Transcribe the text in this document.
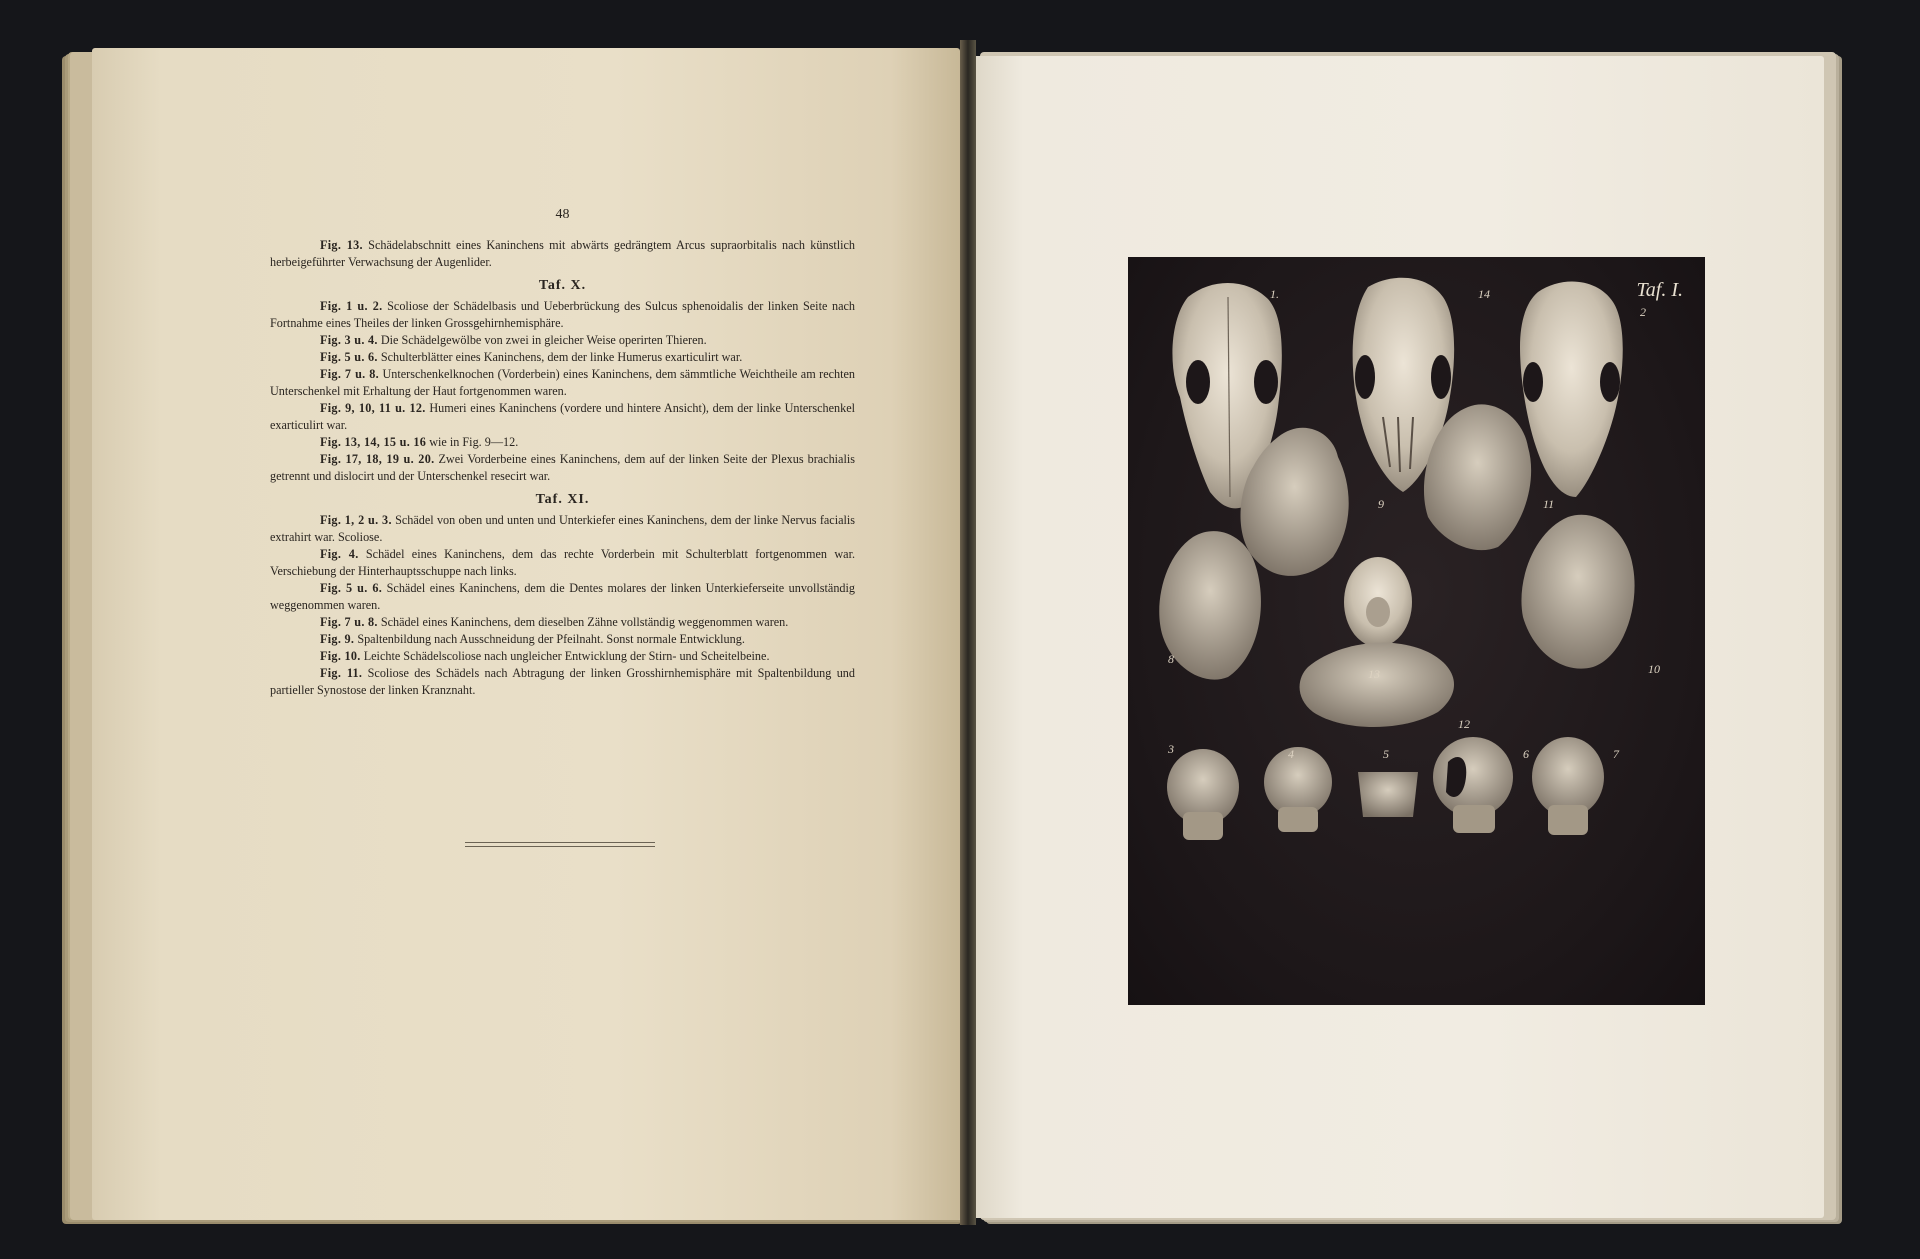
48

Fig. 13. Schädelabschnitt eines Kaninchens mit abwärts gedrängtem Arcus supraorbitalis nach künstlich herbeigeführter Verwachsung der Augenlider.

Taf. X.

Fig. 1 u. 2. Scoliose der Schädelbasis und Ueberbrückung des Sulcus sphenoidalis der linken Seite nach Fortnahme eines Theiles der linken Grossgehirnhemisphäre.

Fig. 3 u. 4. Die Schädelgewölbe von zwei in gleicher Weise operirten Thieren.

Fig. 5 u. 6. Schulterblätter eines Kaninchens, dem der linke Humerus exarticulirt war.

Fig. 7 u. 8. Unterschenkelknochen (Vorderbein) eines Kaninchens, dem sämmtliche Weichtheile am rechten Unterschenkel mit Erhaltung der Haut fortgenommen waren.

Fig. 9, 10, 11 u. 12. Humeri eines Kaninchens (vordere und hintere Ansicht), dem der linke Unterschenkel exarticulirt war.

Fig. 13, 14, 15 u. 16 wie in Fig. 9—12.

Fig. 17, 18, 19 u. 20. Zwei Vorderbeine eines Kaninchens, dem auf der linken Seite der Plexus brachialis getrennt und dislocirt und der Unterschenkel resecirt war.

Taf. XI.

Fig. 1, 2 u. 3. Schädel von oben und unten und Unterkiefer eines Kaninchens, dem der linke Nervus facialis extrahirt war. Scoliose.

Fig. 4. Schädel eines Kaninchens, dem das rechte Vorderbein mit Schulterblatt fortgenommen war. Verschiebung der Hinterhauptsschuppe nach links.

Fig. 5 u. 6. Schädel eines Kaninchens, dem die Dentes molares der linken Unterkieferseite unvollständig weggenommen waren.

Fig. 7 u. 8. Schädel eines Kaninchens, dem dieselben Zähne vollständig weggenommen waren.

Fig. 9. Spaltenbildung nach Ausschneidung der Pfeilnaht. Sonst normale Entwicklung.

Fig. 10. Leichte Schädelscoliose nach ungleicher Entwicklung der Stirn- und Scheitelbeine.

Fig. 11. Scoliose des Schädels nach Abtragung der linken Grosshirnhemisphäre mit Spaltenbildung und partieller Synostose der linken Kranznaht.

Taf. I.
1.	14
2
9	11
13
8
10
12
3	4	5	6	7
